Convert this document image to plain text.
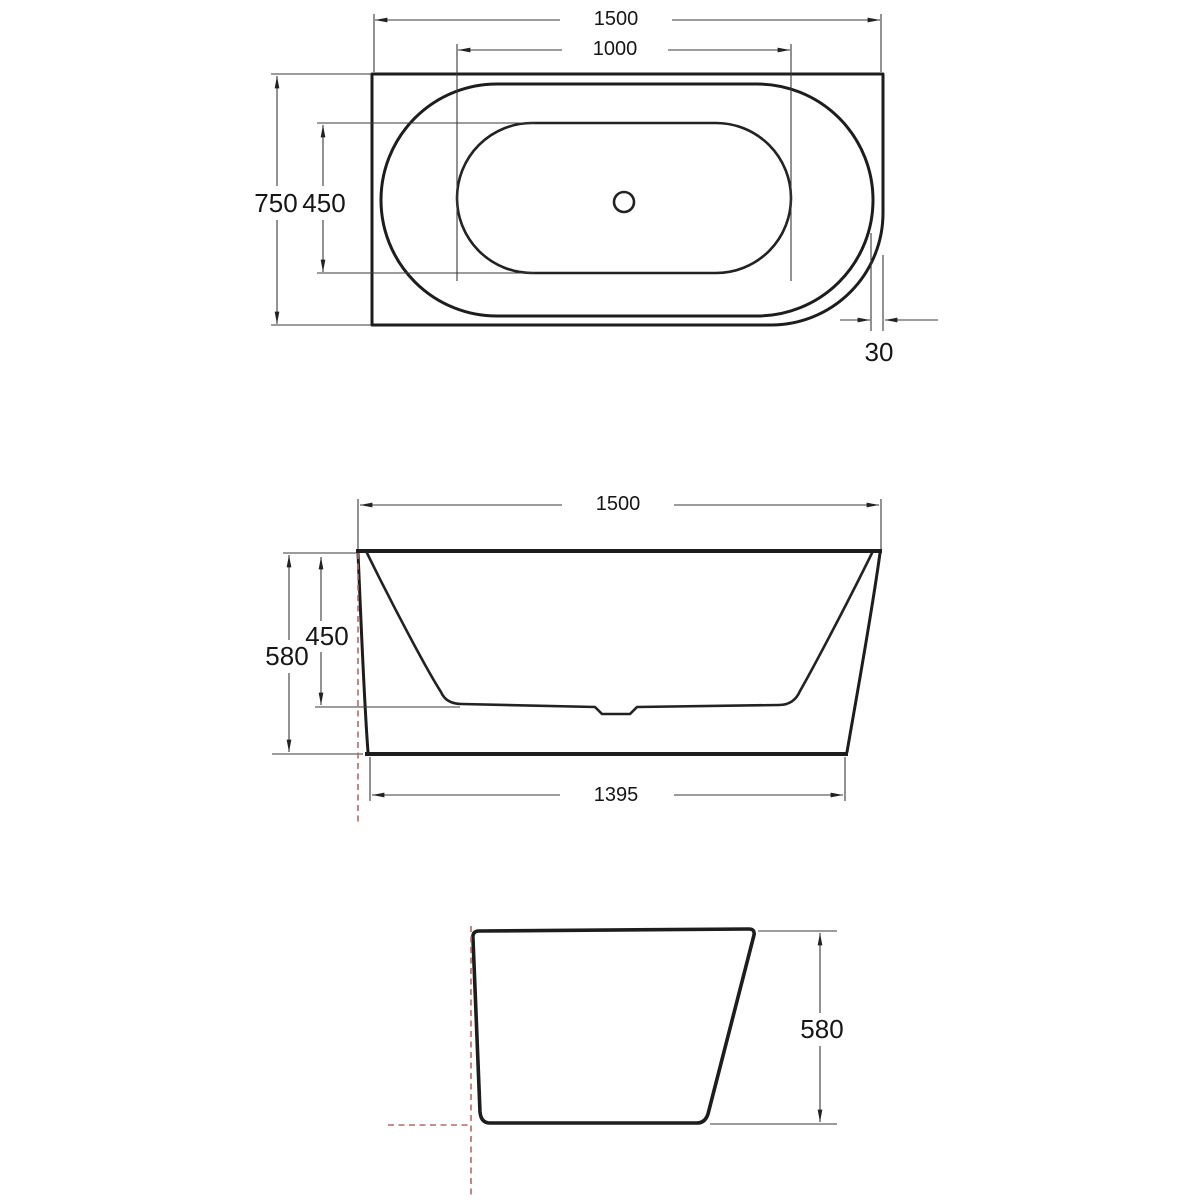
1500
1000
750 450
30
1500
580
450
1395
580
